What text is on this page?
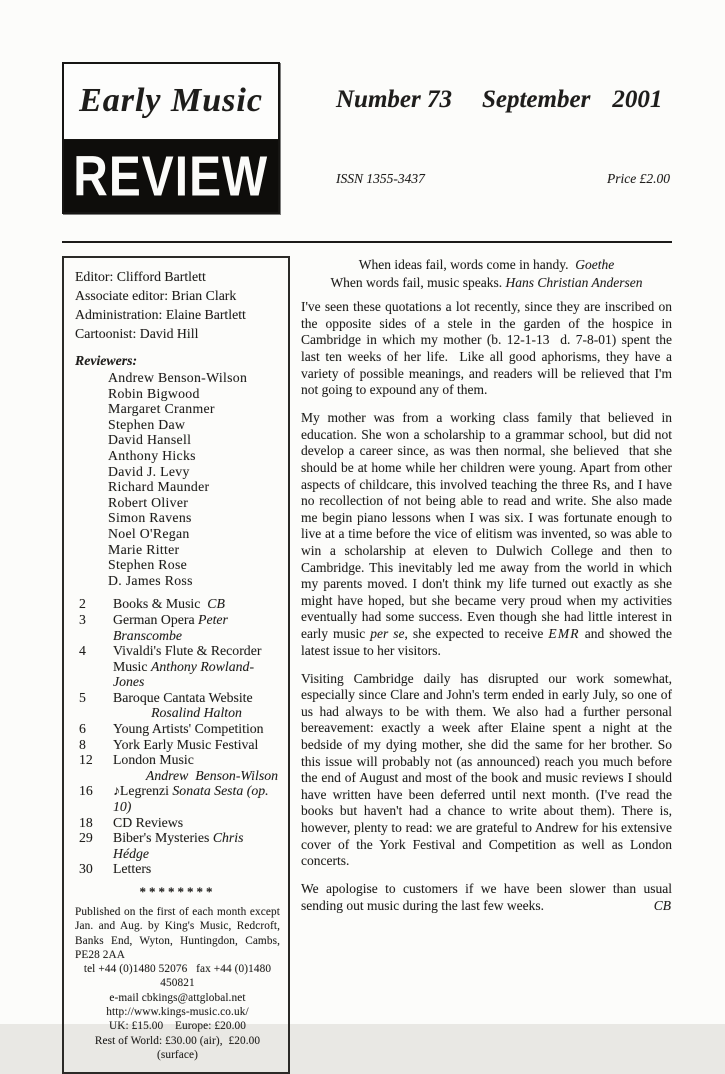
Early Music
REVIEW
Number 73 September 2001
ISSN 1355-3437	Price £2.00
Editor: Clifford Bartlett
Associate editor: Brian Clark
Administration: Elaine Bartlett
Cartoonist: David Hill
Reviewers:
Andrew Benson-Wilson
Robin Bigwood
Margaret Cranmer
Stephen Daw
David Hansell
Anthony Hicks
David J. Levy
Richard Maunder
Robert Oliver
Simon Ravens
Noel O'Regan
Marie Ritter
Stephen Rose
D. James Ross
2	Books & Music  CB
3	German Opera Peter Branscombe
4	Vivaldi's Flute & Recorder
Music Anthony Rowland-Jones
5	Baroque Cantata Website
Rosalind Halton
6	Young Artists' Competition
8	York Early Music Festival
12	London Music
Andrew  Benson-Wilson
16	♪Legrenzi Sonata Sesta (op. 10)
18	CD Reviews
29	Biber's Mysteries Chris Hédge
30	Letters
********

Published on the first of each month except Jan. and Aug. by King's Music, Redcroft, Banks End, Wyton, Huntingdon, Cambs, PE28 2AA

tel +44 (0)1480 52076   fax +44 (0)1480 450821
e-mail cbkings@attglobal.net
http://www.kings-music.co.uk/
UK: £15.00    Europe: £20.00
Rest of World: £30.00 (air),  £20.00 (surface)
When ideas fail, words come in handy.  Goethe
When words fail, music speaks. Hans Christian Andersen

I've seen these quotations a lot recently, since they are inscribed on the opposite sides of a stele in the garden of the hospice in Cambridge in which my mother (b. 12-1-13  d. 7-8-01) spent the last ten weeks of her life.  Like all good aphorisms, they have a variety of possible meanings, and readers will be relieved that I'm not going to expound any of them.

My mother was from a working class family that believed in education. She won a scholarship to a grammar school, but did not develop a career since, as was then normal, she believed  that she should be at home while her children were young. Apart from other aspects of childcare, this involved teaching the three Rs, and I have no recollection of not being able to read and write. She also made me begin piano lessons when I was six. I was fortunate enough to live at a time before the vice of elitism was invented, so was able to win a scholarship at eleven to Dulwich College and then to Cambridge. This inevitably led me away from the world in which my parents moved. I don't think my life turned out exactly as she might have hoped, but she became very proud when my activities eventually had some success. Even though she had little interest in early music per se, she expected to receive EMR and showed the latest issue to her visitors.

Visiting Cambridge daily has disrupted our work somewhat, especially since Clare and John's term ended in early July, so one of us had always to be with them. We also had a further personal bereavement: exactly a week after Elaine spent a night at the bedside of my dying mother, she did the same for her brother. So this issue will probably not (as announced) reach you much before the end of August and most of the book and music reviews I should have written have been deferred until next month. (I've read the books but haven't had a chance to write about them). There is, however, plenty to read: we are grateful to Andrew for his extensive cover of the York Festival and Competition as well as London concerts.

We apologise to customers if we have been slower than usual sending out music during the last few weeks.	CB
